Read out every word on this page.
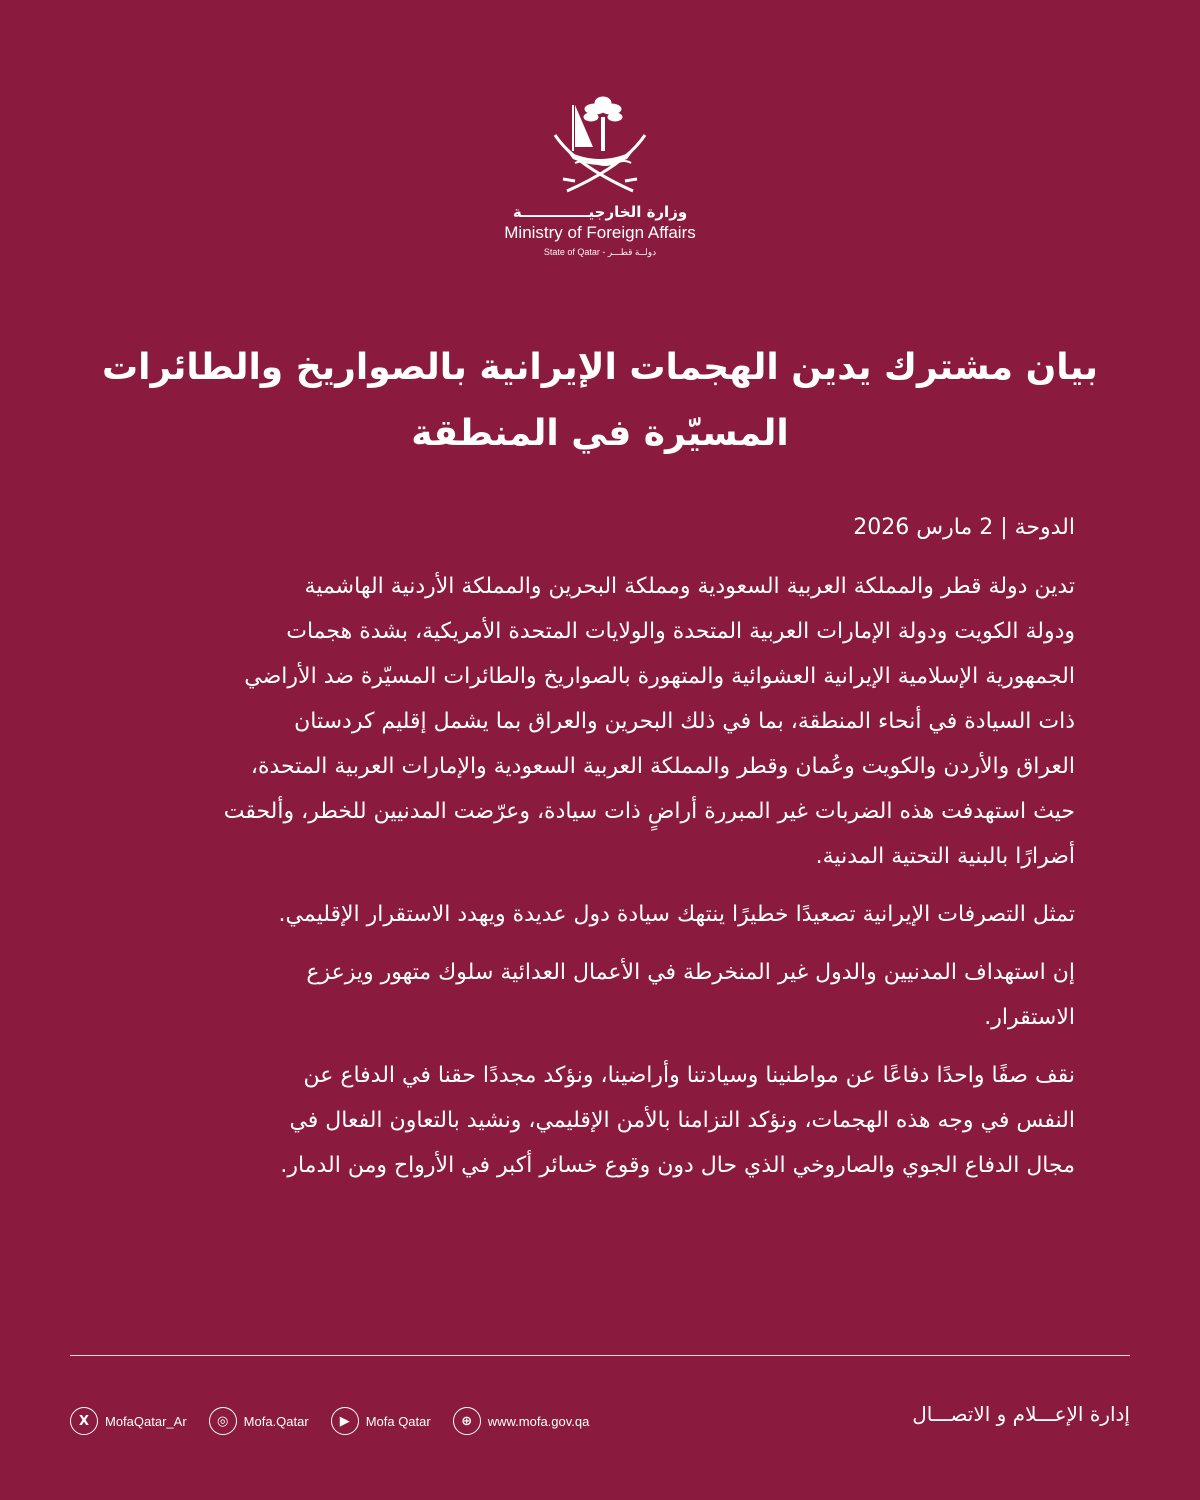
وزارة الخارجيـــــــــــــة
Ministry of Foreign Affairs
State of Qatar - دولــة قطـــر
بيان مشترك يدين الهجمات الإيرانية بالصواريخ والطائرات
المسيّرة في المنطقة
الدوحة | 2 مارس 2026
تدين دولة قطر والمملكة العربية السعودية ومملكة البحرين والمملكة الأردنية الهاشمية
ودولة الكويت ودولة الإمارات العربية المتحدة والولايات المتحدة الأمريكية، بشدة هجمات
الجمهورية الإسلامية الإيرانية العشوائية والمتهورة بالصواريخ والطائرات المسيّرة ضد الأراضي
ذات السيادة في أنحاء المنطقة، بما في ذلك البحرين والعراق بما يشمل إقليم كردستان
العراق والأردن والكويت وعُمان وقطر والمملكة العربية السعودية والإمارات العربية المتحدة،
حيث استهدفت هذه الضربات غير المبررة أراضٍ ذات سيادة، وعرّضت المدنيين للخطر، وألحقت
أضرارًا بالبنية التحتية المدنية.
تمثل التصرفات الإيرانية تصعيدًا خطيرًا ينتهك سيادة دول عديدة ويهدد الاستقرار الإقليمي.
إن استهداف المدنيين والدول غير المنخرطة في الأعمال العدائية سلوك متهور ويزعزع
الاستقرار.
نقف صفًا واحدًا دفاعًا عن مواطنينا وسيادتنا وأراضينا، ونؤكد مجددًا حقنا في الدفاع عن
النفس في وجه هذه الهجمات، ونؤكد التزامنا بالأمن الإقليمي، ونشيد بالتعاون الفعال في
مجال الدفاع الجوي والصاروخي الذي حال دون وقوع خسائر أكبر في الأرواح ومن الدمار.
X	MofaQatar_Ar	◎	Mofa.Qatar	▶	Mofa Qatar	⊕	www.mofa.gov.qa	إدارة الإعـــلام و الاتصـــال
